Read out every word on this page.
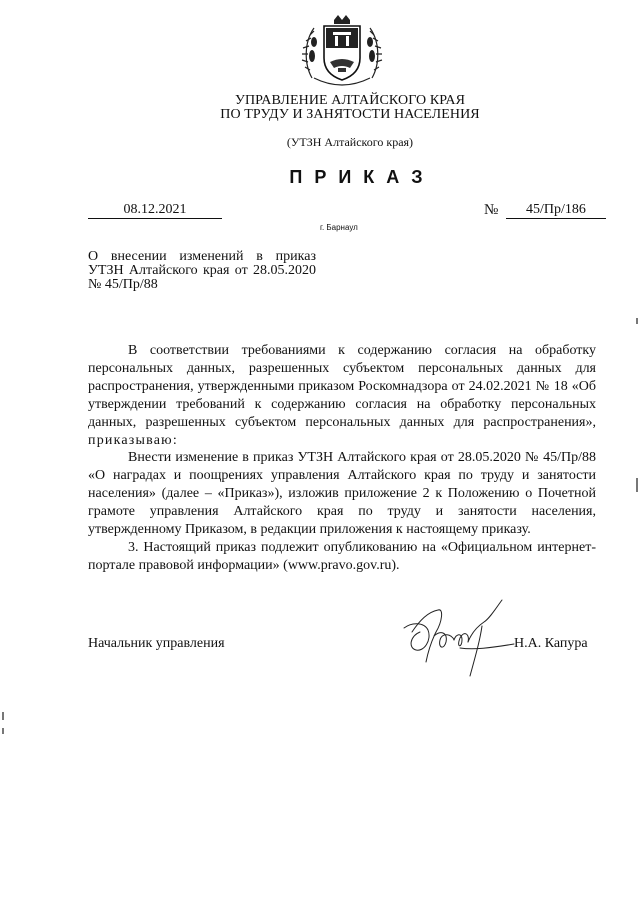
УПРАВЛЕНИЕ АЛТАЙСКОГО КРАЯ
ПО ТРУДУ И ЗАНЯТОСТИ НАСЕЛЕНИЯ
(УТЗН Алтайского края)
ПРИКАЗ
08.12.2021	№	45/Пр/186
г. Барнаул
О внесении изменений в приказ
УТЗН Алтайского края от 28.05.2020
№ 45/Пр/88

В соответствии требованиями к содержанию согласия на обработку персональных данных, разрешенных субъектом персональных данных для распространения, утвержденными приказом Роскомнадзора от 24.02.2021 № 18 «Об утверждении требований к содержанию согласия на обработку персональных данных, разрешенных субъектом персональных данных для распространения», приказываю:

Внести изменение в приказ УТЗН Алтайского края от 28.05.2020 № 45/Пр/88 «О наградах и поощрениях управления Алтайского края по труду и занятости населения» (далее – «Приказ»), изложив приложение 2 к Положению о Почетной грамоте управления Алтайского края по труду и занятости населения, утвержденному Приказом, в редакции приложения к настоящему приказу.

3. Настоящий приказ подлежит опубликованию на «Официальном интернет-портале правовой информации» (www.pravo.gov.ru).

Начальник управления	Н.А. Капура
